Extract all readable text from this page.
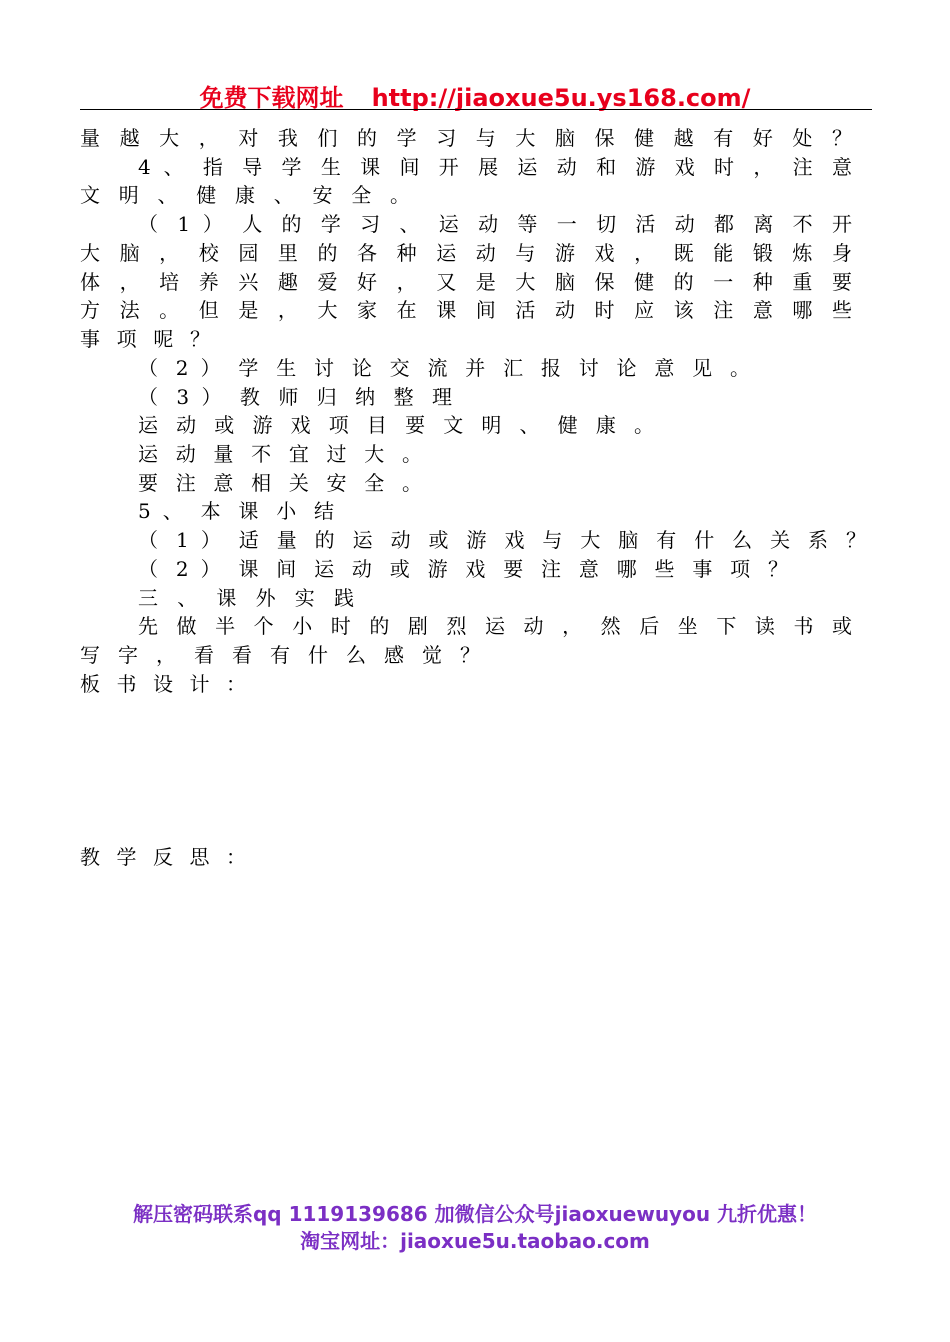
免费下载网址 http://jiaoxue5u.ys168.com/
量 越 大 ， 对 我 们 的 学 习 与 大 脑 保 健 越 有 好 处 ？
4 、 指 导 学 生 课 间 开 展 运 动 和 游 戏 时 ， 注 意
文 明 、 健 康 、 安 全 。
（ 1 ） 人 的 学 习 、 运 动 等 一 切 活 动 都 离 不 开
大 脑 ， 校 园 里 的 各 种 运 动 与 游 戏 ， 既 能 锻 炼 身
体 ， 培 养 兴 趣 爱 好 ， 又 是 大 脑 保 健 的 一 种 重 要
方 法 。 但 是 ， 大 家 在 课 间 活 动 时 应 该 注 意 哪 些
事 项 呢 ？
（ 2 ） 学 生 讨 论 交 流 并 汇 报 讨 论 意 见 。
（ 3 ） 教 师 归 纳 整 理
运 动 或 游 戏 项 目 要 文 明 、 健 康 。
运 动 量 不 宜 过 大 。
要 注 意 相 关 安 全 。
5 、 本 课 小 结
（ 1 ） 适 量 的 运 动 或 游 戏 与 大 脑 有 什 么 关 系 ？
（ 2 ） 课 间 运 动 或 游 戏 要 注 意 哪 些 事 项 ？
三 、 课 外 实 践
先 做 半 个 小 时 的 剧 烈 运 动 ， 然 后 坐 下 读 书 或
写 字 ， 看 看 有 什 么 感 觉 ？
板 书 设 计 ：
教 学 反 思 ：
解压密码联系qq 1119139686 加微信公众号jiaoxuewuyou 九折优惠！
淘宝网址：jiaoxue5u.taobao.com
